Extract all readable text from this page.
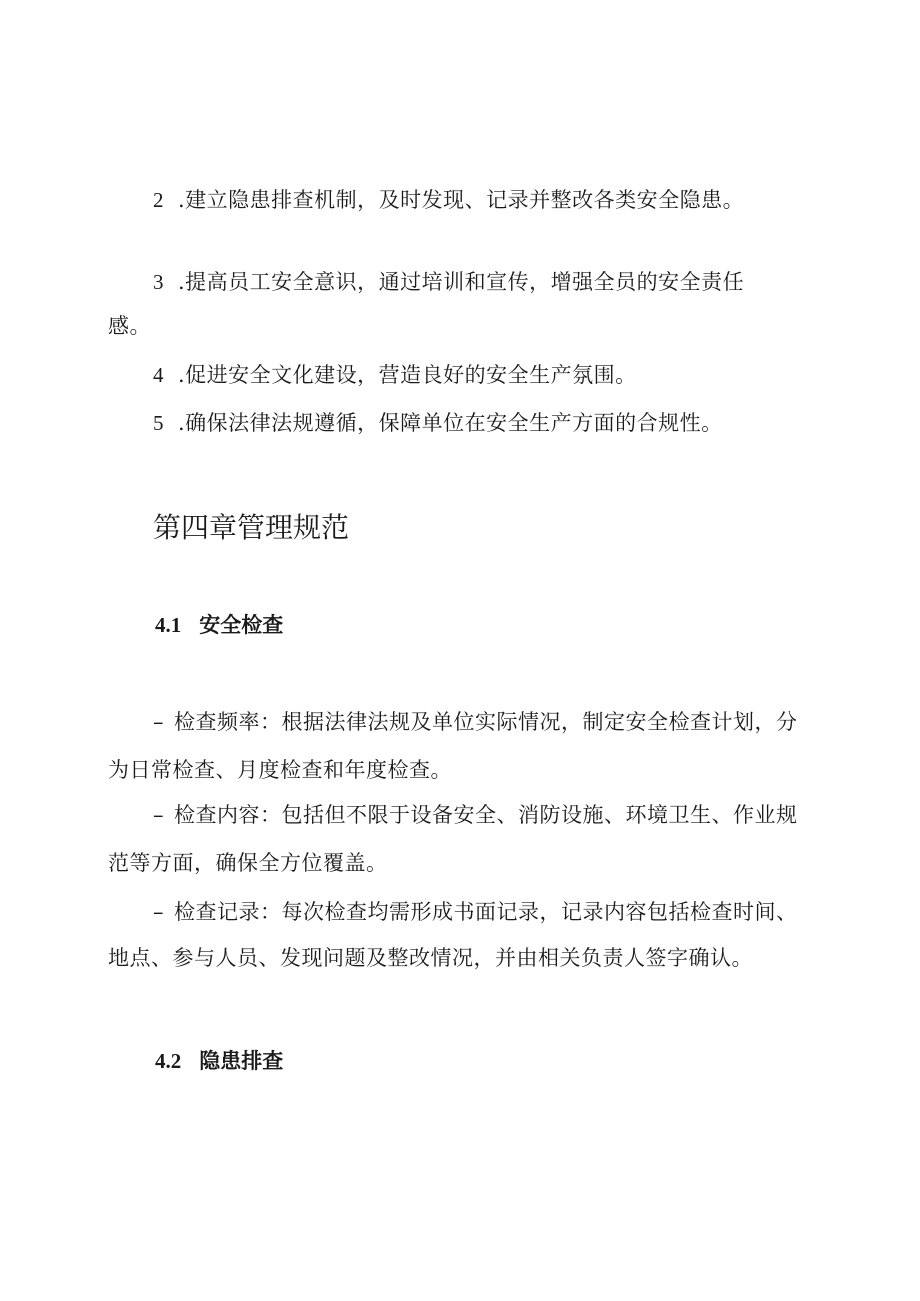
2 .建立隐患排查机制，及时发现、记录并整改各类安全隐患。
3 .提高员工安全意识，通过培训和宣传，增强全员的安全责任
感。
4 .促进安全文化建设，营造良好的安全生产氛围。
5 .确保法律法规遵循，保障单位在安全生产方面的合规性。
第四章管理规范
4.1 安全检查
– 检查频率：根据法律法规及单位实际情况，制定安全检查计划，分
为日常检查、月度检查和年度检查。
– 检查内容：包括但不限于设备安全、消防设施、环境卫生、作业规
范等方面，确保全方位覆盖。
– 检查记录：每次检查均需形成书面记录，记录内容包括检查时间、
地点、参与人员、发现问题及整改情况，并由相关负责人签字确认。
4.2 隐患排查
